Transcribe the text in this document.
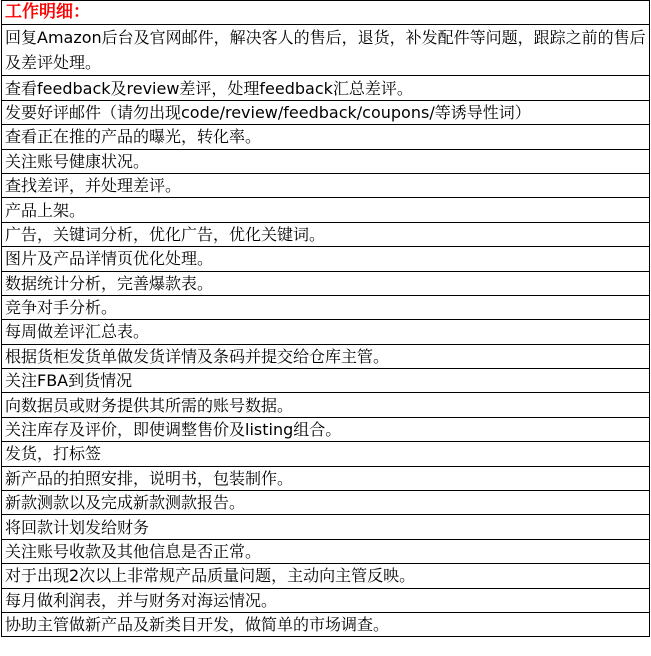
工作明细：
回复Amazon后台及官网邮件，解决客人的售后，退货，补发配件等问题，跟踪之前的售后及差评处理。
查看feedback及review差评，处理feedback汇总差评。
发要好评邮件（请勿出现code/review/feedback/coupons/等诱导性词）
查看正在推的产品的曝光，转化率。
关注账号健康状况。
查找差评，并处理差评。
产品上架。
广告，关键词分析，优化广告，优化关键词。
图片及产品详情页优化处理。
数据统计分析，完善爆款表。
竞争对手分析。
每周做差评汇总表。
根据货柜发货单做发货详情及条码并提交给仓库主管。
关注FBA到货情况
向数据员或财务提供其所需的账号数据。
关注库存及评价，即使调整售价及listing组合。
发货，打标签
新产品的拍照安排，说明书，包装制作。
新款测款以及完成新款测款报告。
将回款计划发给财务
关注账号收款及其他信息是否正常。
对于出现2次以上非常规产品质量问题，主动向主管反映。
每月做利润表，并与财务对海运情况。
协助主管做新产品及新类目开发，做简单的市场调查。
